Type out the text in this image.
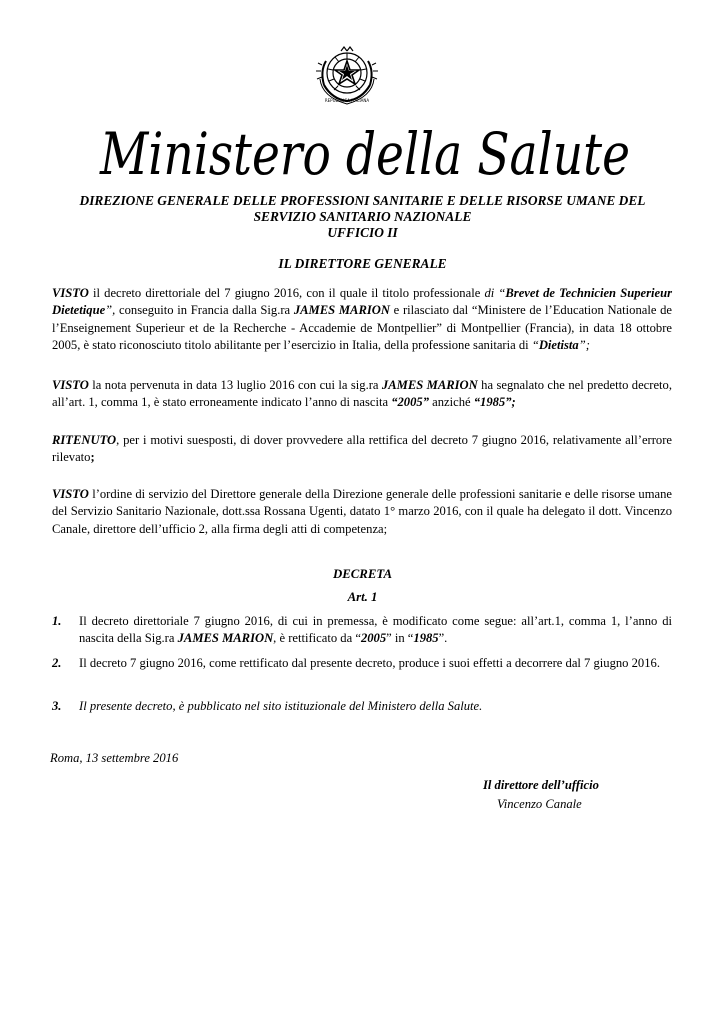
REPUBBLICA ITALIANA
Ministero della Salute
DIREZIONE GENERALE DELLE PROFESSIONI SANITARIE E DELLE RISORSE UMANE DEL
SERVIZIO SANITARIO NAZIONALE
UFFICIO II
IL DIRETTORE GENERALE
VISTO il decreto direttoriale del 7 giugno 2016, con il quale il titolo professionale di “Brevet de Technicien Superieur Dietetique”, conseguito in Francia dalla Sig.ra JAMES MARION e rilasciato dal “Ministere de l’Education Nationale de l’Enseignement Superieur et de la Recherche - Accademie de Montpellier” di Montpellier (Francia), in data 18 ottobre 2005, è stato riconosciuto titolo abilitante per l’esercizio in Italia, della professione sanitaria di “Dietista”;
VISTO la nota pervenuta in data 13 luglio 2016 con cui la sig.ra JAMES MARION ha segnalato che nel predetto decreto, all’art. 1, comma 1, è stato erroneamente indicato l’anno di nascita “2005” anziché “1985”;
RITENUTO, per i motivi suesposti, di dover provvedere alla rettifica del decreto 7 giugno 2016, relativamente all’errore rilevato;
VISTO l’ordine di servizio del Direttore generale della Direzione generale delle professioni sanitarie e delle risorse umane del Servizio Sanitario Nazionale, dott.ssa Rossana Ugenti, datato 1° marzo 2016, con il quale ha delegato il dott. Vincenzo Canale, direttore dell’ufficio 2, alla firma degli atti di competenza;
DECRETA
Art. 1
1. Il decreto direttoriale 7 giugno 2016, di cui in premessa, è modificato come segue: all’art.1, comma 1, l’anno di nascita della Sig.ra JAMES MARION, è rettificato da “2005” in “1985”.
2. Il decreto 7 giugno 2016, come rettificato dal presente decreto, produce i suoi effetti a decorrere dal 7 giugno 2016.
3. Il presente decreto, è pubblicato nel sito istituzionale del Ministero della Salute.
Roma, 13 settembre 2016
Il direttore dell’ufficio
Vincenzo Canale
